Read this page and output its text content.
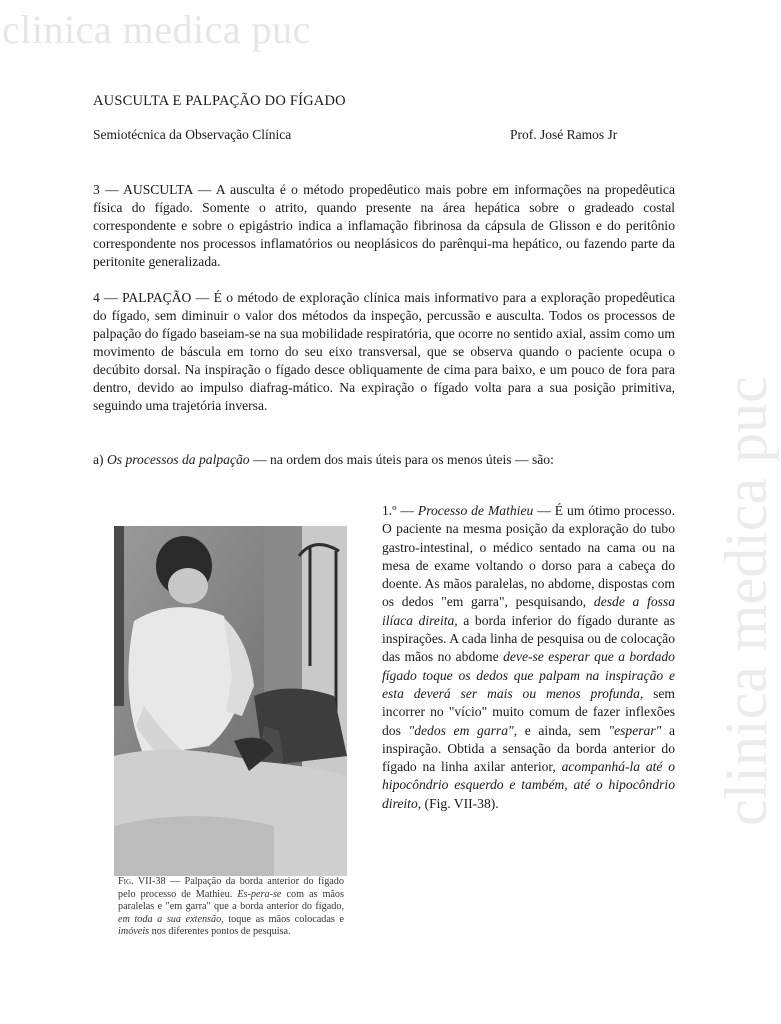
clinica medica puc
clinica medica puc
AUSCULTA E PALPAÇÃO DO FÍGADO
Semiotécnica da Observação Clínica	Prof. José Ramos Jr

3 — AUSCULTA — A ausculta é o método propedêutico mais pobre em informações na propedêutica física do fígado. Somente o atrito, quando presente na área hepática sobre o gradeado costal correspondente e sobre o epigástrio indica a inflamação fibrinosa da cápsula de Glisson e do peritônio correspondente nos processos inflamatórios ou neoplásicos do parênqui-ma hepático, ou fazendo parte da peritonite generalizada.

4 — PALPAÇÃO — É o método de exploração clínica mais informativo para a exploração propedêutica do fígado, sem diminuir o valor dos métodos da inspeção, percussão e ausculta. Todos os processos de palpação do fígado baseiam-se na sua mobilidade respiratória, que ocorre no sentido axial, assim como um movimento de báscula em torno do seu eixo transversal, que se observa quando o paciente ocupa o decúbito dorsal. Na inspiração o fígado desce obliquamente de cima para baixo, e um pouco de fora para dentro, devido ao impulso diafrag-mático. Na expiração o fígado volta para a sua posição primitiva, seguindo uma trajetória inversa.

a) Os processos da palpação — na ordem dos mais úteis para os menos úteis — são:

Fig. VII-38 — Palpação da borda anterior do fígado pelo processo de Mathieu. Es-pera-se com as mãos paralelas e "em garra" que a borda anterior do fígado, em toda a sua extensão, toque as mãos colocadas e imóveis nos diferentes pontos de pesquisa.

1.º — Processo de Mathieu — É um ótimo processo. O paciente na mesma posição da exploração do tubo gastro-intestinal, o médico sentado na cama ou na mesa de exame voltando o dorso para a cabeça do doente. As mãos paralelas, no abdome, dispostas com os dedos "em garra", pesquisando, desde a fossa ilíaca direita, a borda inferior do fígado durante as inspirações. A cada linha de pesquisa ou de colocação das mãos no abdome deve-se esperar que a bordado fígado toque os dedos que palpam na inspiração e esta deverá ser mais ou menos profunda, sem incorrer no "vício" muito comum de fazer inflexões dos "dedos em garra", e ainda, sem "esperar" a inspiração. Obtida a sensação da borda anterior do fígado na linha axilar anterior, acompanhá-la até o hipocôndrio esquerdo e também, até o hipocôndrio direito, (Fig. VII-38).
